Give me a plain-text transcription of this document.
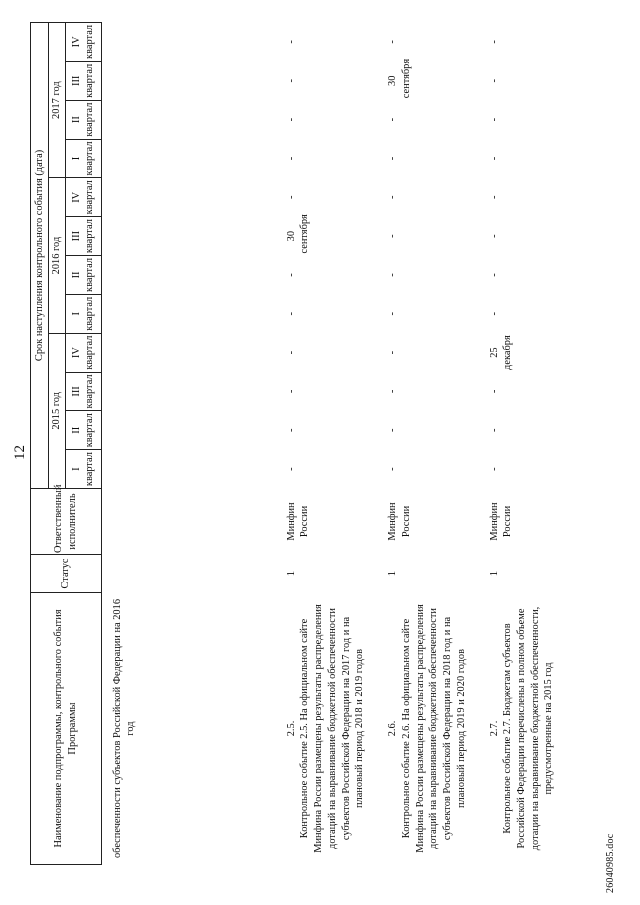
12
Наименование подпрограммы, контрольного события Программы	Статус	Ответственный исполнитель	Срок наступления контрольного события (дата)											
			2015 год				2016 год				2017 год			

			I квартал	II квартал	III квартал	IV квартал	I квартал	II квартал	III квартал	IV квартал	I квартал	II квартал	III квартал	IV квартал

обеспеченности субъектов Российской Федерации на 2016 год														
2.5. Контрольное событие 2.5. На официальном сайте Минфина России размещены результаты распределения дотаций на выравнивание бюджетной обеспеченности субъектов Российской Федерации на 2017 год и на плановый период 2018 и 2019 годов	1	Минфин России	-	-	-	-	-	-	30 сентября	-	-	-	-	-
2.6. Контрольное событие 2.6. На официальном сайте Минфина России размещены результаты распределения дотаций на выравнивание бюджетной обеспеченности субъектов Российской Федерации на 2018 год и на плановый период 2019 и 2020 годов	1	Минфин России	-	-	-	-	-	-	-	-	-	-	30 сентября	-
2.7. Контрольное событие 2.7. Бюджетам субъектов Российской Федерации перечислены в полном объеме дотации на выравнивание бюджетной обеспеченности, предусмотренные на 2015 год	1	Минфин России	-	-	-	25 декабря	-	-	-	-	-	-	-	-
26040985.doc
